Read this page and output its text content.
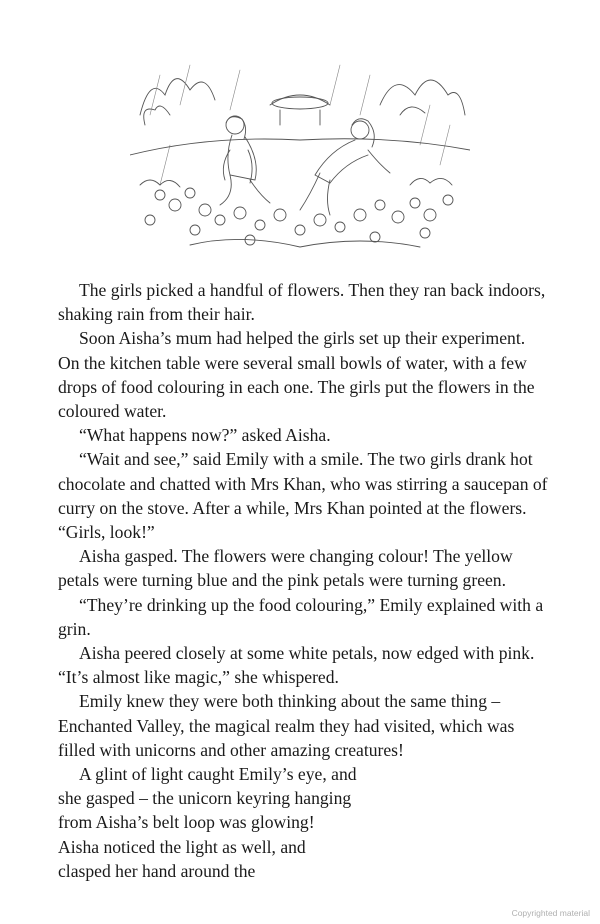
The girls picked a handful of flowers. Then they ran back indoors, shaking rain from their hair.

Soon Aisha’s mum had helped the girls set up their experiment. On the kitchen table were several small bowls of water, with a few drops of food colouring in each one. The girls put the flowers in the coloured water.

“What happens now?” asked Aisha.

“Wait and see,” said Emily with a smile. The two girls drank hot chocolate and chatted with Mrs Khan, who was stirring a saucepan of curry on the stove. After a while, Mrs Khan pointed at the flowers. “Girls, look!”

Aisha gasped. The flowers were changing colour! The yellow petals were turning blue and the pink petals were turning green.

“They’re drinking up the food colouring,” Emily explained with a grin.

Aisha peered closely at some white petals, now edged with pink. “It’s almost like magic,” she whispered.

Emily knew they were both thinking about the same thing – Enchanted Valley, the magical realm they had visited, which was filled with unicorns and other amazing creatures!

A glint of light caught Emily’s eye, and she gasped – the unicorn keyring hanging from Aisha’s belt loop was glowing! Aisha noticed the light as well, and clasped her hand around the

Copyrighted material
